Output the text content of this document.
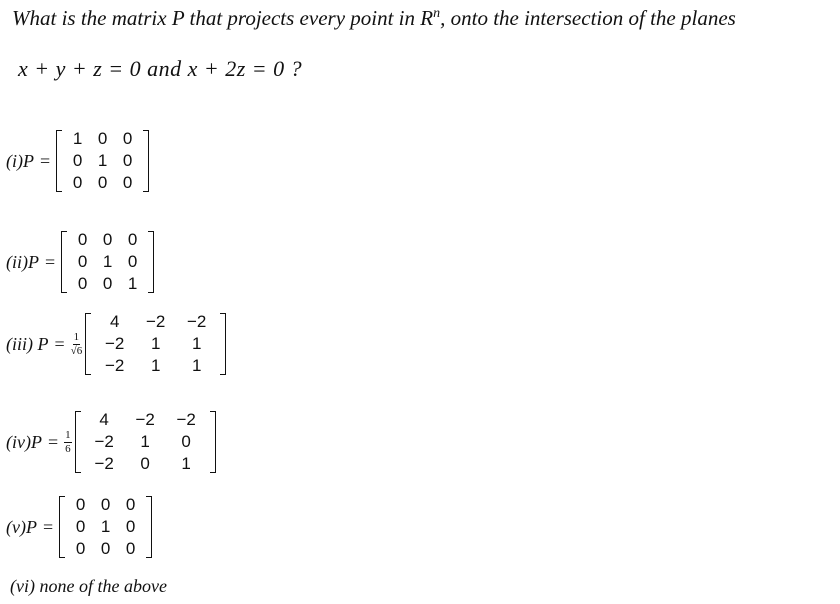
What is the matrix P that projects every point in $R^n$, onto the intersection of the planes
x + y + z = 0 and x + 2z = 0 ?
(i)P =
1	0	0
0	1	0
0	0	0
(ii)P =
0	0	0
0	1	0
0	0	1
(iii) $P = \frac{1}{√6}$
4	−2	−2
−2	1	1
−2	1	1
$(iv)P = \frac{1}{6}$
4	−2	−2
−2	1	0
−2	0	1
(v)P =
0	0	0
0	1	0
0	0	0
(vi) none of the above
